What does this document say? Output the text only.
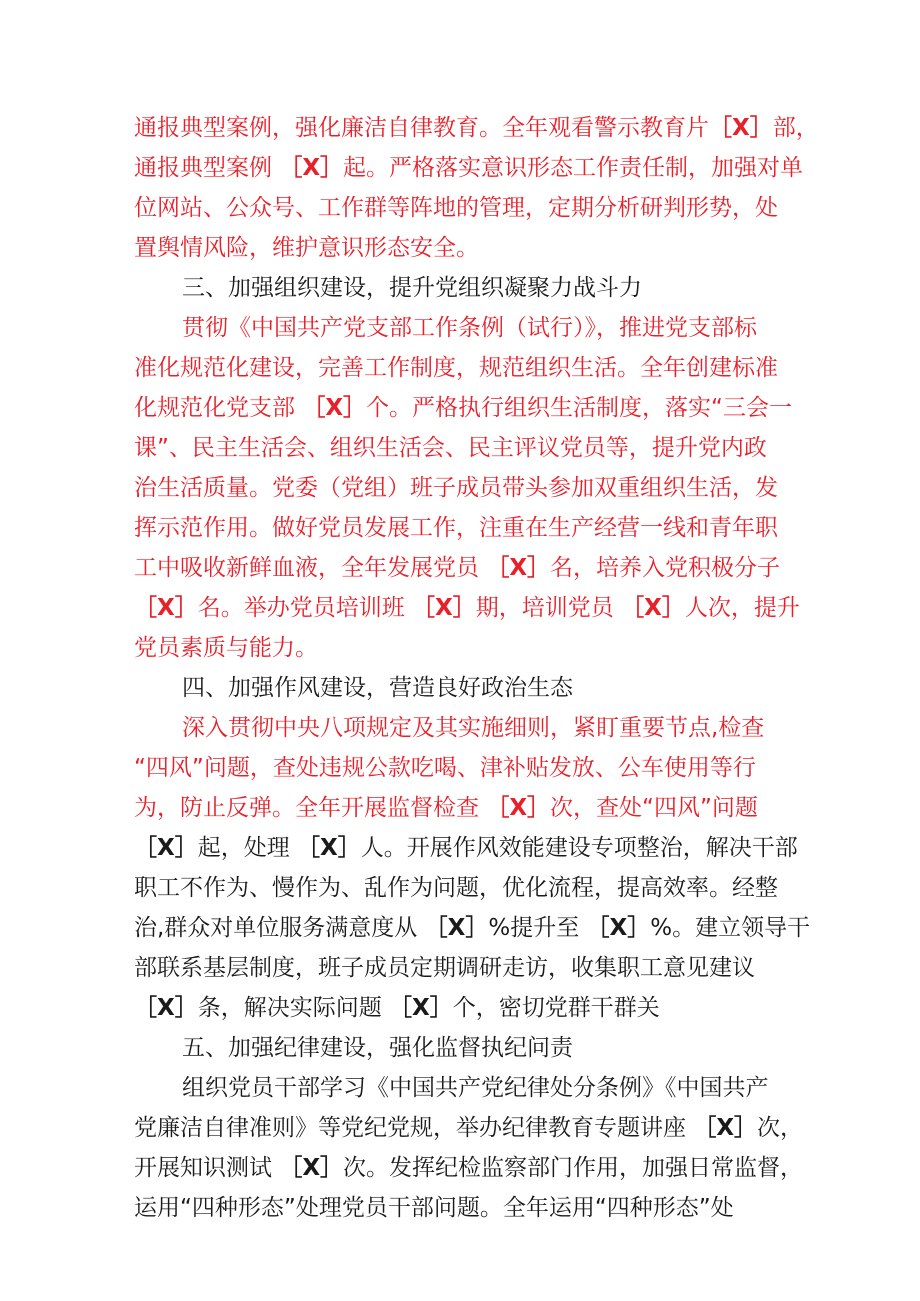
通报典型案例，强化廉洁自律教育。全年观看警示教育片［X］部，
通报典型案例 ［X］起。严格落实意识形态工作责任制，加强对单
位网站、公众号、工作群等阵地的管理，定期分析研判形势，处
置舆情风险，维护意识形态安全。
三、加强组织建设，提升党组织凝聚力战斗力
贯彻《中国共产党支部工作条例（试行）》，推进党支部标
准化规范化建设，完善工作制度，规范组织生活。全年创建标准
化规范化党支部 ［X］个。严格执行组织生活制度，落实“三会一
课”、民主生活会、组织生活会、民主评议党员等，提升党内政
治生活质量。党委（党组）班子成员带头参加双重组织生活，发
挥示范作用。做好党员发展工作，注重在生产经营一线和青年职
工中吸收新鲜血液，全年发展党员 ［X］名，培养入党积极分子
［X］名。举办党员培训班 ［X］期，培训党员 ［X］人次，提升
党员素质与能力。
四、加强作风建设，营造良好政治生态
深入贯彻中央八项规定及其实施细则，紧盯重要节点,检查
“四风”问题，查处违规公款吃喝、津补贴发放、公车使用等行
为，防止反弹。全年开展监督检查 ［X］次，查处“四风”问题
［X］起，处理 ［X］人。开展作风效能建设专项整治，解决干部
职工不作为、慢作为、乱作为问题，优化流程，提高效率。经整
治,群众对单位服务满意度从 ［X］%提升至 ［X］%。建立领导干
部联系基层制度，班子成员定期调研走访，收集职工意见建议
［X］条，解决实际问题 ［X］个，密切党群干群关
五、加强纪律建设，强化监督执纪问责
组织党员干部学习《中国共产党纪律处分条例》《中国共产
党廉洁自律准则》等党纪党规，举办纪律教育专题讲座 ［X］次，
开展知识测试 ［X］次。发挥纪检监察部门作用，加强日常监督，
运用“四种形态”处理党员干部问题。全年运用“四种形态”处
